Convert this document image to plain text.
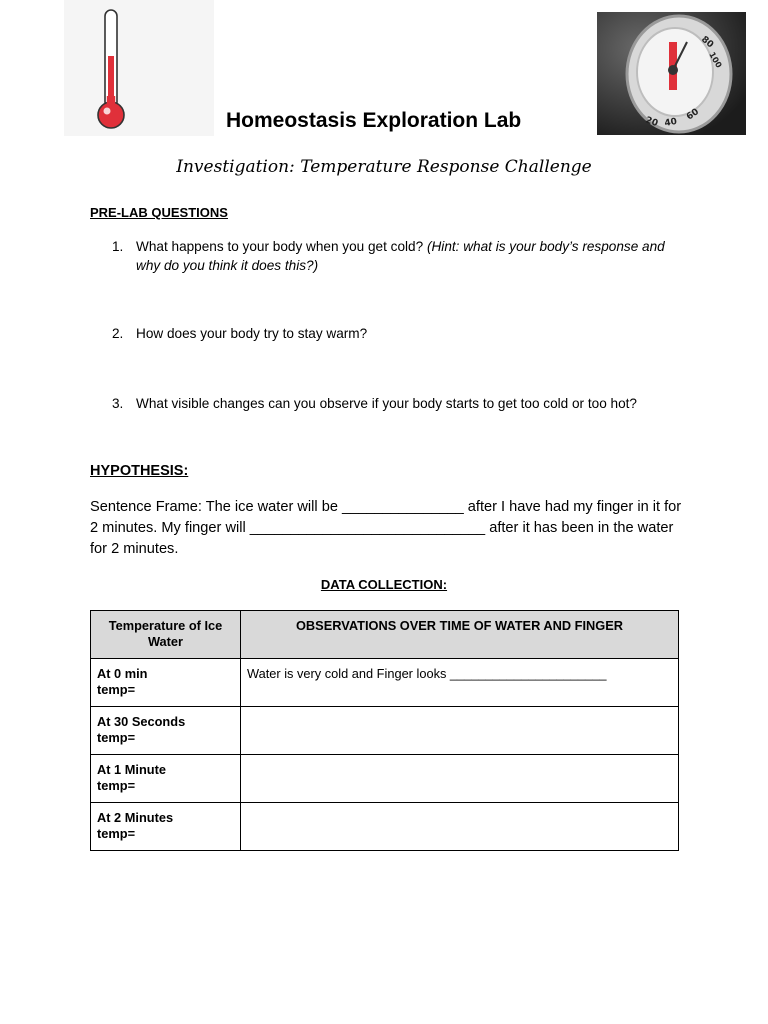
20 40
60
80
100
Homeostasis Exploration Lab
Investigation: Temperature Response Challenge
PRE-LAB QUESTIONS
1. What happens to your body when you get cold? (Hint: what is your body’s response and why do you think it does this?)
2. How does your body try to stay warm?
3. What visible changes can you observe if your body starts to get too cold or too hot?
HYPOTHESIS:
Sentence Frame: The ice water will be _______________ after I have had my finger in it for 2 minutes. My finger will _____________________________ after it has been in the water for 2 minutes.
DATA COLLECTION:
Temperature of Ice Water	OBSERVATIONS OVER TIME OF WATER AND FINGER

At 0 min
temp=	Water is very cold and Finger looks ______________________

At 30 Seconds
temp=	

At 1 Minute
temp=	

At 2 Minutes
temp=	
